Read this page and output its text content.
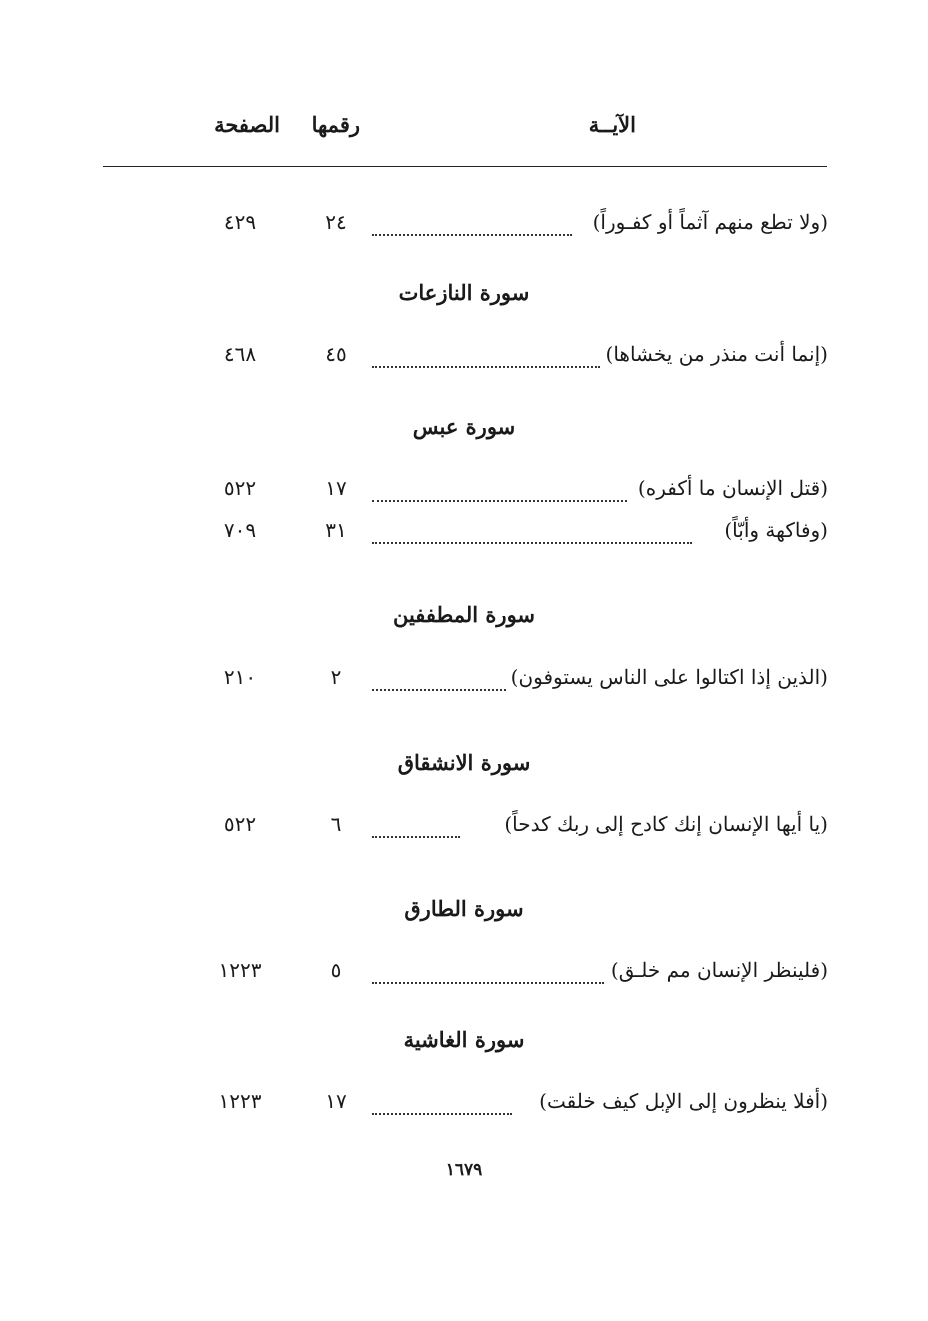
الآيــة
رقمها
الصفحة
(ولا تطع منهم آثماً أو كفـوراً)
٢٤
٤٢٩
سورة النازعات
(إنما أنت منذر من يخشاها)
٤٥
٤٦٨
سورة عبس
(قتل الإنسان ما أكفره)
١٧
٥٢٢
(وفاكهة وأبّاً)
٣١
٧٠٩
سورة المطففين
(الذين إذا اكتالوا على الناس يستوفون)
٢
٢١٠
سورة الانشقاق
(يا أيها الإنسان إنك كادح إلى ربك كدحاً)
٦
٥٢٢
سورة الطارق
(فلينظر الإنسان مم خلـق)
٥
١٢٢٣
سورة الغاشية
(أفلا ينظرون إلى الإبل كيف خلقت)
١٧
١٢٢٣
١٦٧٩
